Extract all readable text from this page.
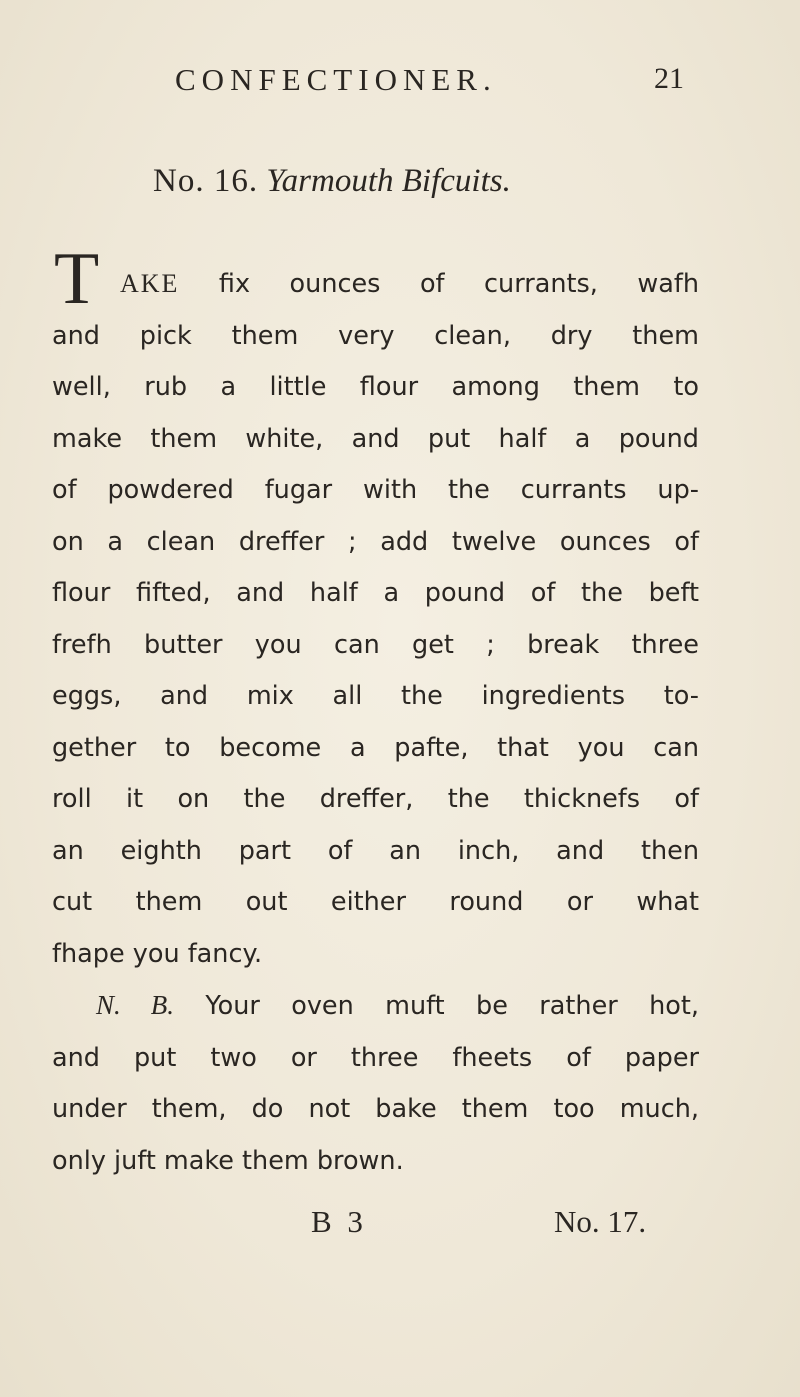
CONFECTIONER.	21
No. 16. Yarmouth Bifcuits.
T AKE fix ounces of currants, wafh
and pick them very clean, dry them
well, rub a little flour among them to
make them white, and put half a pound
of powdered fugar with the currants up-
on a clean dreffer ; add twelve ounces of
flour fifted, and half a pound of the beft
frefh butter you can get ; break three
eggs, and mix all the ingredients to-
gether to become a pafte, that you can
roll it on the dreffer, the thicknefs of
an eighth part of an inch, and then
cut them out either round or what
fhape you fancy.
N. B. Your oven muft be rather hot,
and put two or three fheets of paper
under them, do not bake them too much,
only juft make them brown.
B 3	No. 17.
